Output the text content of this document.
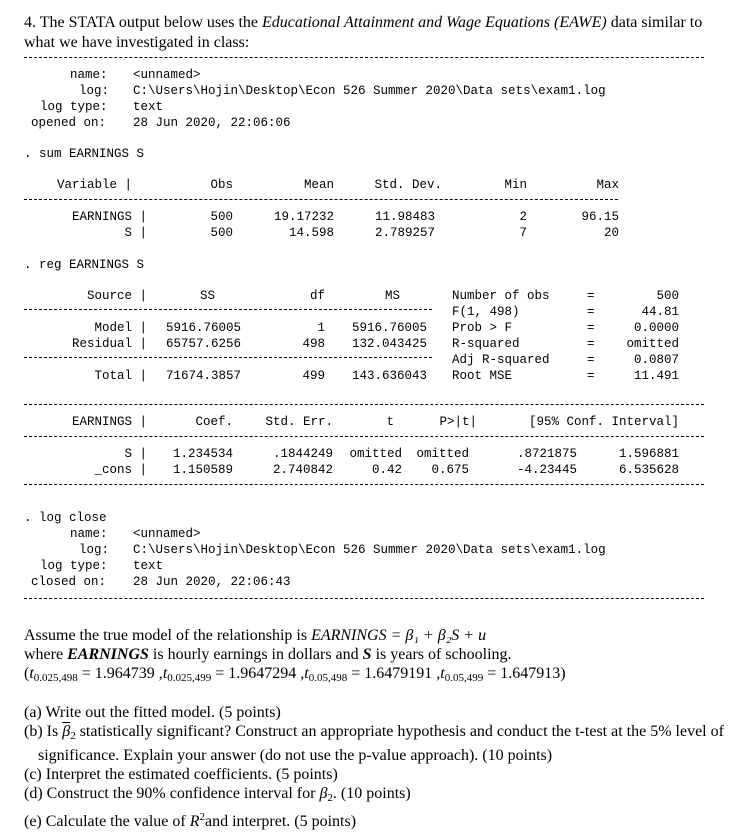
4. The STATA output below uses the Educational Attainment and Wage Equations (EAWE) data similar to what we have investigated in class:
name: <unnamed>
log: C:\Users\Hojin\Desktop\Econ 526 Summer 2020\Data sets\exam1.log
log type: text
opened on: 28 Jun 2020, 22:06:06
. sum EARNINGS S
Variable |	Obs	Mean	Std. Dev.	Min	Max
EARNINGS |	500	19.17232	11.98483	2	96.15
S |	500	14.598	2.789257	7	20
. reg EARNINGS S
Source |	SS	df	MS
Model | 5916.76005	1 5916.76005
Residual | 65757.6256	498 132.043425
Total | 71674.3857	499 143.636043
Number of obs	=	500
F(1, 498)	=	44.81
Prob > F	=	0.0000
R-squared	=	omitted
Adj R-squared	=	0.0807
Root MSE	=	11.491
EARNINGS |	Coef.	Std. Err.	t	P>|t|	[95% Conf. Interval]
S | 1.234534	.1844249 omitted omitted	.8721875	1.596881
_cons | 1.150589	2.740842	0.42 0.675	-4.23445	6.535628
. log close
name: <unnamed>
log: C:\Users\Hojin\Desktop\Econ 526 Summer 2020\Data sets\exam1.log
log type: text
closed on: 28 Jun 2020, 22:06:43

Assume the true model of the relationship is EARNINGS = β₁ + β₂S + u

where EARNINGS is hourly earnings in dollars and S is years of schooling.

($t_{0.025,498} = 1.964739$ $,t_{0.025,499} = 1.9647294$ $,t_{0.05,498} = 1.6479191$ $,t_{0.05,499} = 1.647913$)

(a) Write out the fitted model. (5 points)

(b) Is $\overline{\beta}_2$ statistically significant? Construct an appropriate hypothesis and conduct the t-test at the 5% level of significance. Explain your answer (do not use the p-value approach). (10 points)

(c) Interpret the estimated coefficients. (5 points)

(d) Construct the 90% confidence interval for $\beta_2$. (10 points)

(e) Calculate the value of $R^2and$ interpret. (5 points)
